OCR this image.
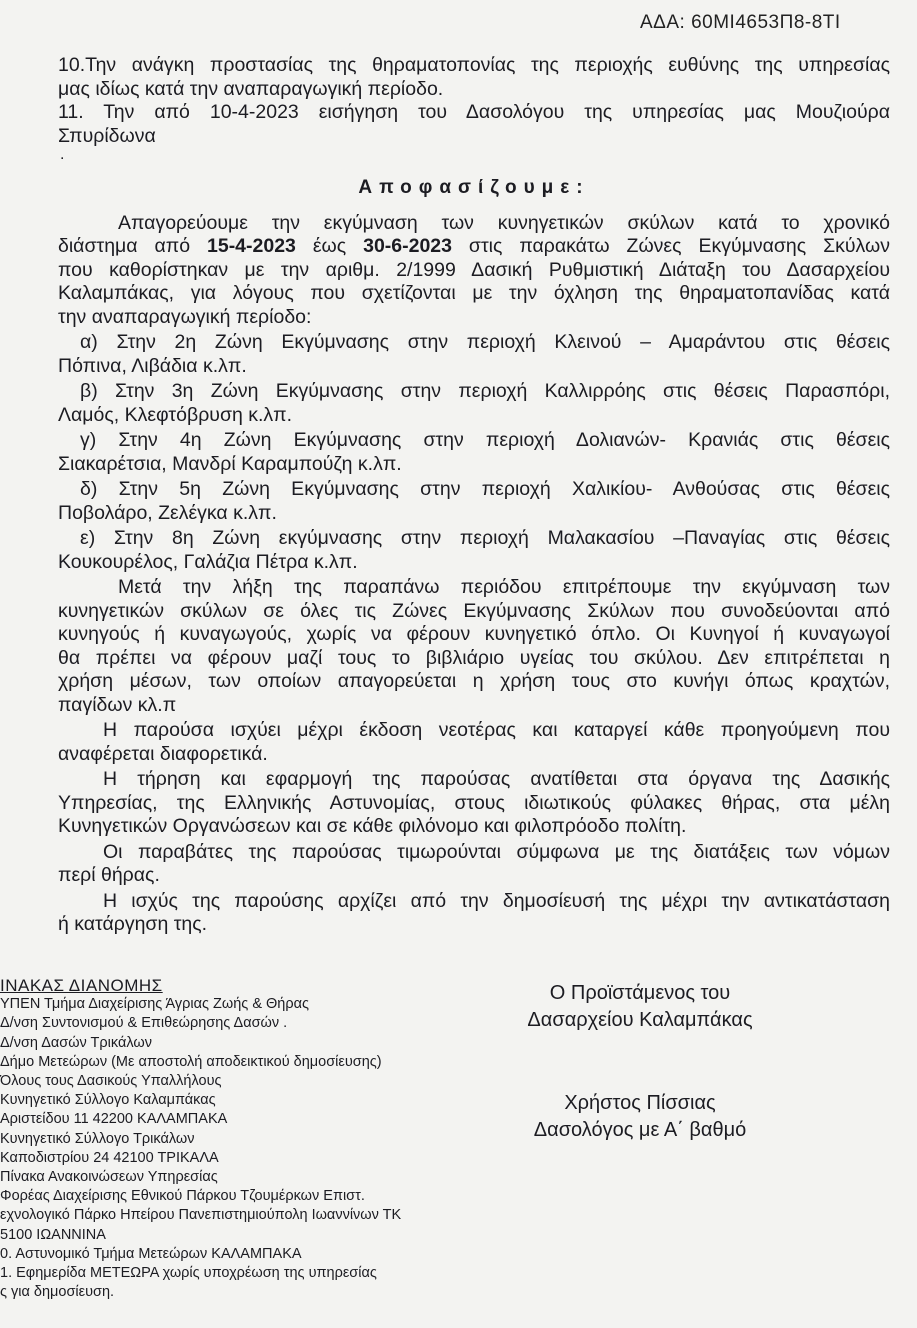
ΑΔΑ: 60ΜΙ4653Π8-8ΤΙ

10.Την ανάγκη προστασίας της θηραματοπονίας της περιοχής ευθύνης της υπηρεσίας

μας ιδίως κατά την αναπαραγωγική περίοδο.

11. Την από 10-4-2023 εισήγηση του Δασολόγου της υπηρεσίας μας Μουζιούρα

Σπυρίδωνα

.

Αποφασίζουμε:

Απαγορεύουμε την εκγύμναση των κυνηγετικών σκύλων κατά το χρονικό

διάστημα από 15-4-2023 έως 30-6-2023 στις παρακάτω Ζώνες Εκγύμνασης Σκύλων

που καθορίστηκαν με την αριθμ. 2/1999 Δασική Ρυθμιστική Διάταξη του Δασαρχείου

Καλαμπάκας, για λόγους που σχετίζονται με την όχληση της θηραματοπανίδας κατά

την αναπαραγωγική περίοδο:

α) Στην 2η Ζώνη Εκγύμνασης στην περιοχή Κλεινού – Αμαράντου στις θέσεις

Πόπινα, Λιβάδια κ.λπ.

β) Στην 3η Ζώνη Εκγύμνασης στην περιοχή Καλλιρρόης στις θέσεις Παρασπόρι,

Λαμός, Κλεφτόβρυση κ.λπ.

γ) Στην 4η Ζώνη Εκγύμνασης στην περιοχή Δολιανών- Κρανιάς στις θέσεις

Σιακαρέτσια, Μανδρί Καραμπούζη κ.λπ.

δ) Στην 5η Ζώνη Εκγύμνασης στην περιοχή Χαλικίου- Ανθούσας στις θέσεις

Ποβολάρο, Ζελέγκα κ.λπ.

ε) Στην 8η Ζώνη εκγύμνασης στην περιοχή Μαλακασίου –Παναγίας στις θέσεις

Κουκουρέλος, Γαλάζια Πέτρα κ.λπ.

Μετά την λήξη της παραπάνω περιόδου επιτρέπουμε την εκγύμναση των

κυνηγετικών σκύλων σε όλες τις Ζώνες Εκγύμνασης Σκύλων που συνοδεύονται από

κυνηγούς ή κυναγωγούς, χωρίς να φέρουν κυνηγετικό όπλο. Οι Κυνηγοί ή κυναγωγοί

θα πρέπει να φέρουν μαζί τους το βιβλιάριο υγείας του σκύλου. Δεν επιτρέπεται η

χρήση μέσων, των οποίων απαγορεύεται η χρήση τους στο κυνήγι όπως κραχτών,

παγίδων κλ.π

Η παρούσα ισχύει μέχρι έκδοση νεοτέρας και καταργεί κάθε προηγούμενη που

αναφέρεται διαφορετικά.

Η τήρηση και εφαρμογή της παρούσας ανατίθεται στα όργανα της Δασικής

Υπηρεσίας, της Ελληνικής Αστυνομίας, στους ιδιωτικούς φύλακες θήρας, στα μέλη

Κυνηγετικών Οργανώσεων και σε κάθε φιλόνομο και φιλοπρόοδο πολίτη.

Οι παραβάτες της παρούσας τιμωρούνται σύμφωνα με της διατάξεις των νόμων

περί θήρας.

Η ισχύς της παρούσης αρχίζει από την δημοσίευσή της μέχρι την αντικατάσταση

ή κατάργηση της.

ΙΝΑΚΑΣ ΔΙΑΝΟΜΗΣ
ΥΠΕΝ Τμήμα Διαχείρισης Άγριας Ζωής & Θήρας
Δ/νση Συντονισμού & Επιθεώρησης Δασών .
Δ/νση Δασών Τρικάλων
Δήμο Μετεώρων (Με αποστολή αποδεικτικού δημοσίευσης)
Όλους τους Δασικούς Υπαλλήλους
Κυνηγετικό Σύλλογο Καλαμπάκας
Αριστείδου 11 42200 ΚΑΛΑΜΠΑΚΑ
Κυνηγετικό Σύλλογο Τρικάλων
Καποδιστρίου 24 42100 ΤΡΙΚΑΛΑ
Πίνακα Ανακοινώσεων Υπηρεσίας
Φορέας Διαχείρισης Εθνικού Πάρκου Τζουμέρκων Επιστ.
εχνολογικό Πάρκο Ηπείρου Πανεπιστημιούπολη Ιωαννίνων ΤΚ
5100 ΙΩΑΝΝΙΝΑ
0. Αστυνομικό Τμήμα Μετεώρων ΚΑΛΑΜΠΑΚΑ
1. Εφημερίδα ΜΕΤΕΩΡΑ χωρίς υποχρέωση της υπηρεσίας
ς για δημοσίευση.
Ο Προϊστάμενος του
Δασαρχείου Καλαμπάκας
Χρήστος Πίσσιας
Δασολόγος με Α΄ βαθμό
